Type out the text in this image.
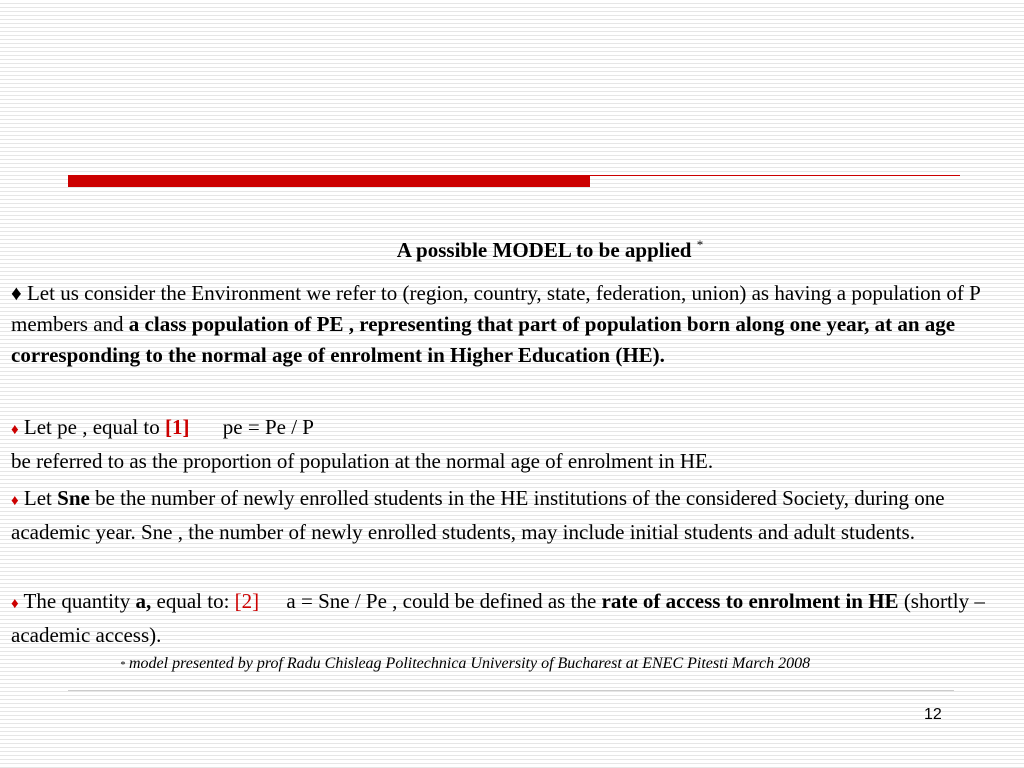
A possible MODEL to be applied *
♦ Let us consider the Environment we refer to (region, country, state, federation, union) as having a population of P members and a class population of PE , representing that part of population born along one year, at an age corresponding to the normal age of enrolment in Higher Education (HE).
♦ Let pe , equal to [1] pe = Pe / P
be referred to as the proportion of population at the normal age of enrolment in HE.
♦ Let Sne be the number of newly enrolled students in the HE institutions of the considered Society, during one academic year. Sne , the number of newly enrolled students, may include initial students and adult students.
♦ The quantity a, equal to: [2] a = Sne / Pe , could be defined as the rate of access to enrolment in HE (shortly – academic access).
* model presented by prof Radu Chisleag Politechnica University of Bucharest at ENEC Pitesti March 2008
12
